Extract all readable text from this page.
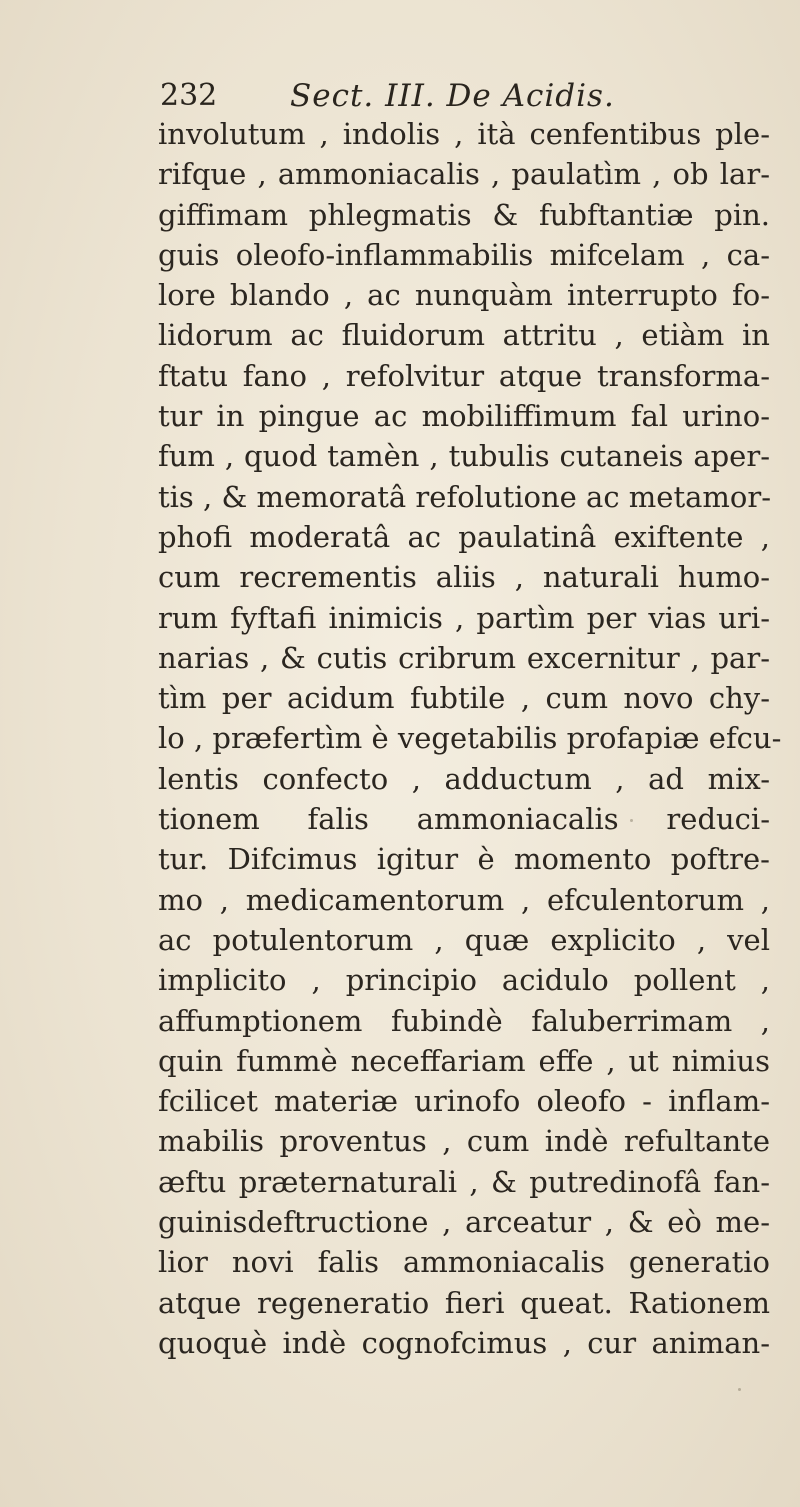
232 Sect. III. De Acidis.
involutum , indolis , ità cenfentibus ple-
rifque , ammoniacalis , paulatìm , ob lar-
giffimam phlegmatis & fubftantiæ pin.
guis oleofo-inflammabilis mifcelam , ca-
lore blando , ac nunquàm interrupto fo-
lidorum ac fluidorum attritu , etiàm in
ftatu fano , refolvitur atque transforma-
tur in pingue ac mobiliffimum fal urino-
fum , quod tamèn , tubulis cutaneis aper-
tis , & memoratâ refolutione ac metamor-
phofi moderatâ ac paulatinâ exiftente ,
cum recrementis aliis , naturali humo-
rum fyftafi inimicis , partìm per vias uri-
narias , & cutis cribrum excernitur , par-
tìm per acidum fubtile , cum novo chy-
lo , præfertìm è vegetabilis profapiæ efcu-
lentis confecto , adductum , ad mix-
tionem falis ammoniacalis reduci-
tur. Difcimus igitur è momento poftre-
mo , medicamentorum , efculentorum ,
ac potulentorum , quæ explicito , vel
implicito , principio acidulo pollent ,
affumptionem fubindè faluberrimam ,
quin fummè neceffariam effe , ut nimius
fcilicet materiæ urinofo oleofo - inflam-
mabilis proventus , cum indè refultante
æftu præternaturali , & putredinofâ fan-
guinisdeftructione , arceatur , & eò me-
lior novi falis ammoniacalis generatio
atque regeneratio fieri queat. Rationem
quoquè indè cognofcimus , cur animan-
